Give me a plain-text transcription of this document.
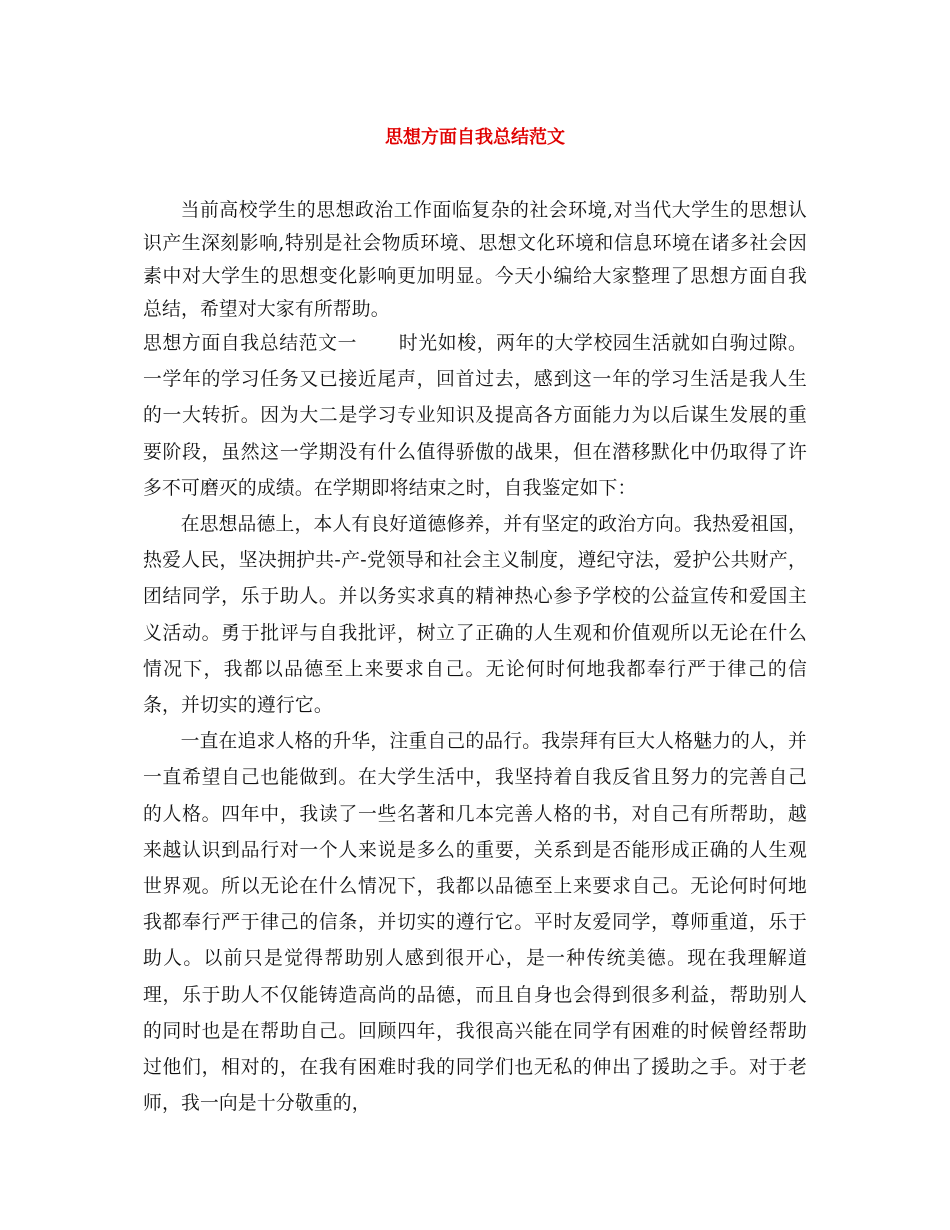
思想方面自我总结范文

当前高校学生的思想政治工作面临复杂的社会环境,对当代大学生的思想认识产生深刻影响,特别是社会物质环境、思想文化环境和信息环境在诸多社会因素中对大学生的思想变化影响更加明显。今天小编给大家整理了思想方面自我总结，希望对大家有所帮助。

思想方面自我总结范文一 时光如梭，两年的大学校园生活就如白驹过隙。一学年的学习任务又已接近尾声，回首过去，感到这一年的学习生活是我人生的一大转折。因为大二是学习专业知识及提高各方面能力为以后谋生发展的重要阶段，虽然这一学期没有什么值得骄傲的战果，但在潜移默化中仍取得了许多不可磨灭的成绩。在学期即将结束之时，自我鉴定如下：

在思想品德上，本人有良好道德修养，并有坚定的政治方向。我热爱祖国，热爱人民，坚决拥护共-产-党领导和社会主义制度，遵纪守法，爱护公共财产，团结同学，乐于助人。并以务实求真的精神热心参予学校的公益宣传和爱国主义活动。勇于批评与自我批评，树立了正确的人生观和价值观所以无论在什么情况下，我都以品德至上来要求自己。无论何时何地我都奉行严于律己的信条，并切实的遵行它。

一直在追求人格的升华，注重自己的品行。我崇拜有巨大人格魅力的人，并一直希望自己也能做到。在大学生活中，我坚持着自我反省且努力的完善自己的人格。四年中，我读了一些名著和几本完善人格的书，对自己有所帮助，越来越认识到品行对一个人来说是多么的重要，关系到是否能形成正确的人生观世界观。所以无论在什么情况下，我都以品德至上来要求自己。无论何时何地我都奉行严于律己的信条，并切实的遵行它。平时友爱同学，尊师重道，乐于助人。以前只是觉得帮助别人感到很开心，是一种传统美德。现在我理解道理，乐于助人不仅能铸造高尚的品德，而且自身也会得到很多利益，帮助别人的同时也是在帮助自己。回顾四年，我很高兴能在同学有困难的时候曾经帮助过他们，相对的，在我有困难时我的同学们也无私的伸出了援助之手。对于老师，我一向是十分敬重的，
